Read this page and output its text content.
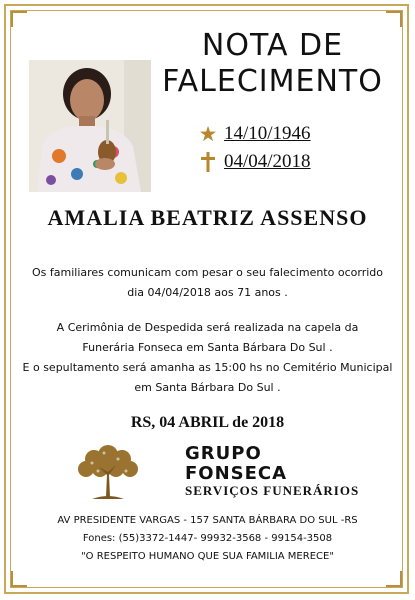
NOTA DE
FALECIMENTO
★ 14/10/1946
04/04/2018
AMALIA BEATRIZ ASSENSO
Os familiares comunicam com pesar o seu falecimento ocorrido
dia 04/04/2018 aos 71 anos .
A Cerimônia de Despedida será realizada na capela da
Funerária Fonseca em Santa Bárbara Do Sul .
E o sepultamento será amanha as 15:00 hs no Cemitério Municipal
em Santa Bárbara Do Sul .
RS, 04 ABRIL de 2018
GRUPO
FONSECA
SERVIÇOS FUNERÁRIOS
AV PRESIDENTE VARGAS - 157 SANTA BÁRBARA DO SUL -RS
Fones: (55)3372-1447- 99932-3568 - 99154-3508
"O RESPEITO HUMANO QUE SUA FAMILIA MERECE"
